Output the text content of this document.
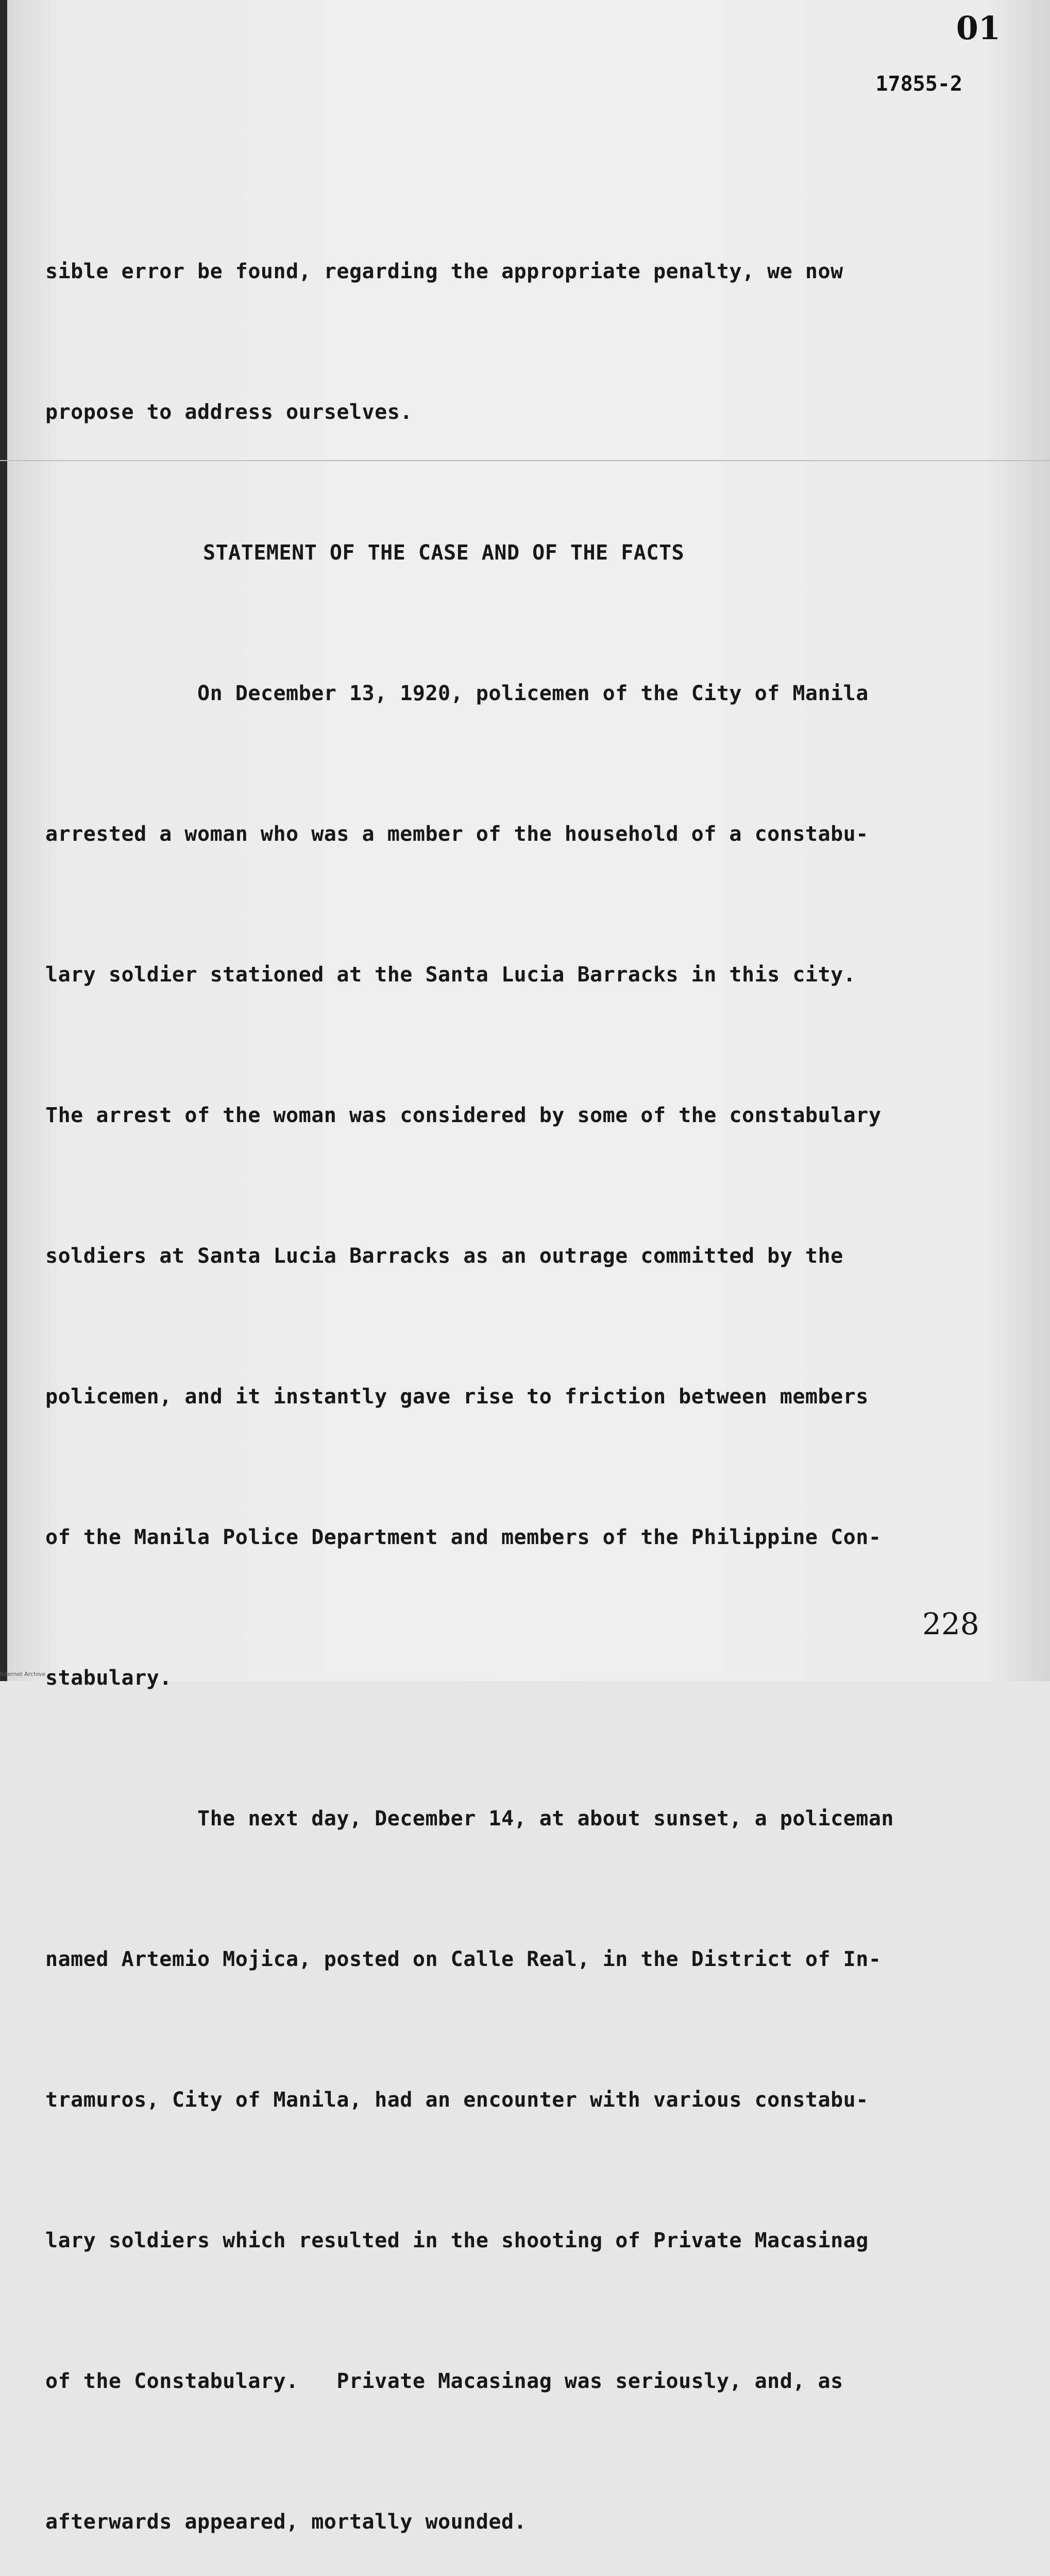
01
17855-2

sible error be found, regarding the appropriate penalty, we now

propose to address ourselves.

STATEMENT OF THE CASE AND OF THE FACTS

On December 13, 1920, policemen of the City of Manila

arrested a woman who was a member of the household of a constabu-

lary soldier stationed at the Santa Lucia Barracks in this city.

The arrest of the woman was considered by some of the constabulary

soldiers at Santa Lucia Barracks as an outrage committed by the

policemen, and it instantly gave rise to friction between members

of the Manila Police Department and members of the Philippine Con-

stabulary.

The next day, December 14, at about sunset, a policeman

named Artemio Mojica, posted on Calle Real, in the District of In-

tramuros, City of Manila, had an encounter with various constabu-

lary soldiers which resulted in the shooting of Private Macasinag

of the Constabulary.   Private Macasinag was seriously, and, as

afterwards appeared, mortally wounded.

228
Internet Archive
